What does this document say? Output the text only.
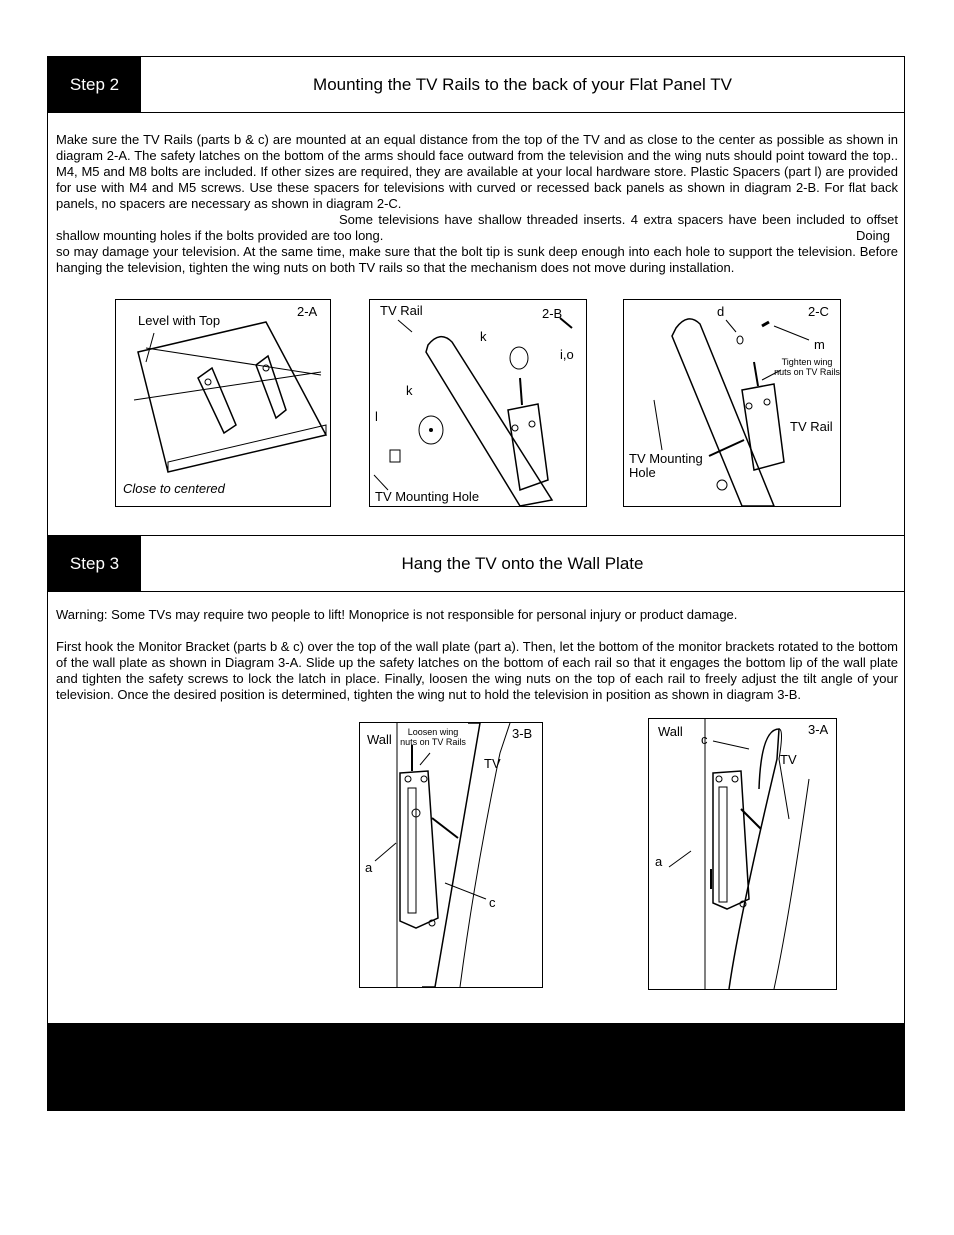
Step 2	Mounting the TV Rails to the back of your Flat Panel TV

Make sure the TV Rails (parts b & c) are mounted at an equal distance from the top of the TV and as close to the center as possible as shown in diagram 2-A. The safety latches on the bottom of the arms should face outward from the television and the wing nuts should point toward the top.. M4, M5 and M8 bolts are included. If other sizes are required, they are available at your local hardware store. Plastic Spacers (part l) are provided for use with M4 and M5 screws. Use these spacers for televisions with curved or recessed back panels as shown in diagram 2-B. For flat back panels, no spacers are necessary as shown in diagram 2-C.

Some televisions have shallow threaded inserts. 4 extra spacers have been included to offset shallow mounting holes if the bolts provided are too long.	Doing so may damage your television. At the same time, make sure that the bolt tip is sunk deep enough into each hole to support the television. Before hanging the television, tighten the wing nuts on both TV rails so that the mechanism does not move during installation.

2-A
Level with Top
Close to centered
TV Rail	2-B
k
i,o
k
l
TV Mounting Hole
d	2-C
m
Tighten wing nuts on TV Rails
TV Rail
TV Mounting Hole
Step 3	Hang the TV onto the Wall Plate

Warning: Some TVs may require two people to lift! Monoprice is not responsible for personal injury or product damage.

First hook the Monitor Bracket (parts b & c) over the top of the wall plate (part a). Then, let the bottom of the monitor brackets rotated to the bottom of the wall plate as shown in Diagram 3-A. Slide up the safety latches on the bottom of each rail so that it engages the bottom lip of the wall plate and tighten the safety screws to lock the latch in place. Finally, loosen the wing nuts on the top of each rail to freely adjust the tilt angle of your television. Once the desired position is determined, tighten the wing nut to hold the television in position as shown in diagram 3-B.

Wall	Loosen wing nuts on TV Rails
3-B
TV
a
c
Wall
c
3-A
TV
a
